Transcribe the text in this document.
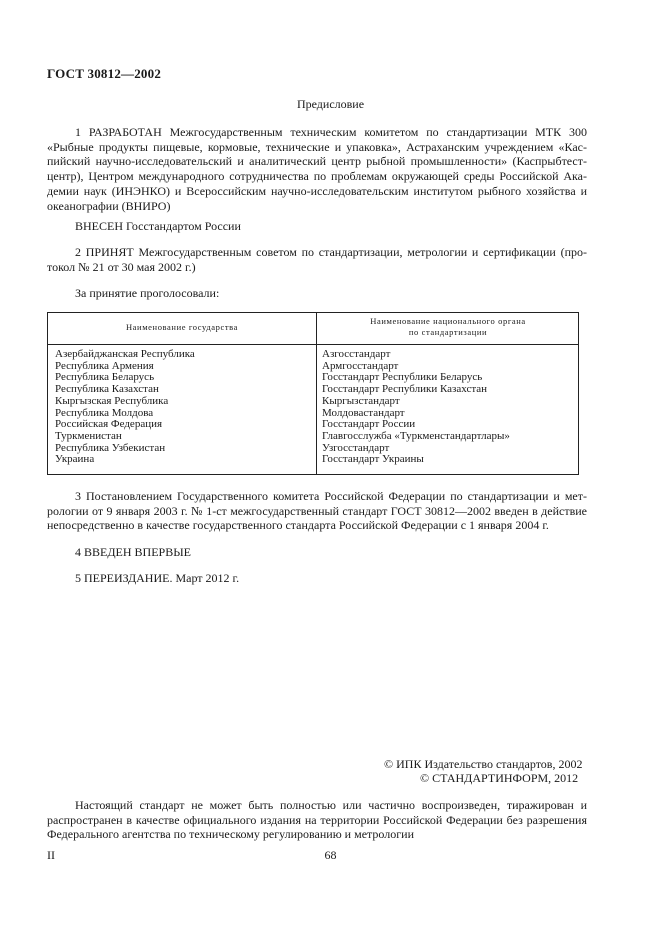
ГОСТ 30812—2002
Предисловие
1 РАЗРАБОТАН Межгосударственным техническим комитетом по стандартизации МТК 300
«Рыбные продукты пищевые, кормовые, технические и упаковка», Астраханским учреждением «Кас-
пийский научно-исследовательский и аналитический центр рыбной промышленности» (Каспрыбтест-
центр), Центром международного сотрудничества по проблемам окружающей среды Российской Ака-
демии наук (ИНЭНКО) и Всероссийским научно-исследовательским институтом рыбного хозяйства и
океанографии (ВНИРО)
ВНЕСЕН Госстандартом России
2 ПРИНЯТ Межгосударственным советом по стандартизации, метрологии и сертификации (про-
токол № 21 от 30 мая 2002 г.)
За принятие проголосовали:
Наименование государства
Наименование национального органа
по стандартизации
Азербайджанская Республика
Республика Армения
Республика Беларусь
Республика Казахстан
Кыргызская Республика
Республика Молдова
Российская Федерация
Туркменистан
Республика Узбекистан
Украина
Азгосстандарт
Армгосстандарт
Госстандарт Республики Беларусь
Госстандарт Республики Казахстан
Кыргызстандарт
Молдовастандарт
Госстандарт России
Главгосслужба «Туркменстандартлары»
Узгосстандарт
Госстандарт Украины
3 Постановлением Государственного комитета Российской Федерации по стандартизации и мет-
рологии от 9 января 2003 г. № 1-ст межгосударственный стандарт ГОСТ 30812—2002 введен в действие
непосредственно в качестве государственного стандарта Российской Федерации с 1 января 2004 г.
4 ВВЕДЕН ВПЕРВЫЕ
5 ПЕРЕИЗДАНИЕ. Март 2012 г.
© ИПК Издательство стандартов, 2002
© СТАНДАРТИНФОРМ, 2012
Настоящий стандарт не может быть полностью или частично воспроизведен, тиражирован и
распространен в качестве официального издания на территории Российской Федерации без разрешения
Федерального агентства по техническому регулированию и метрологии
II	68
